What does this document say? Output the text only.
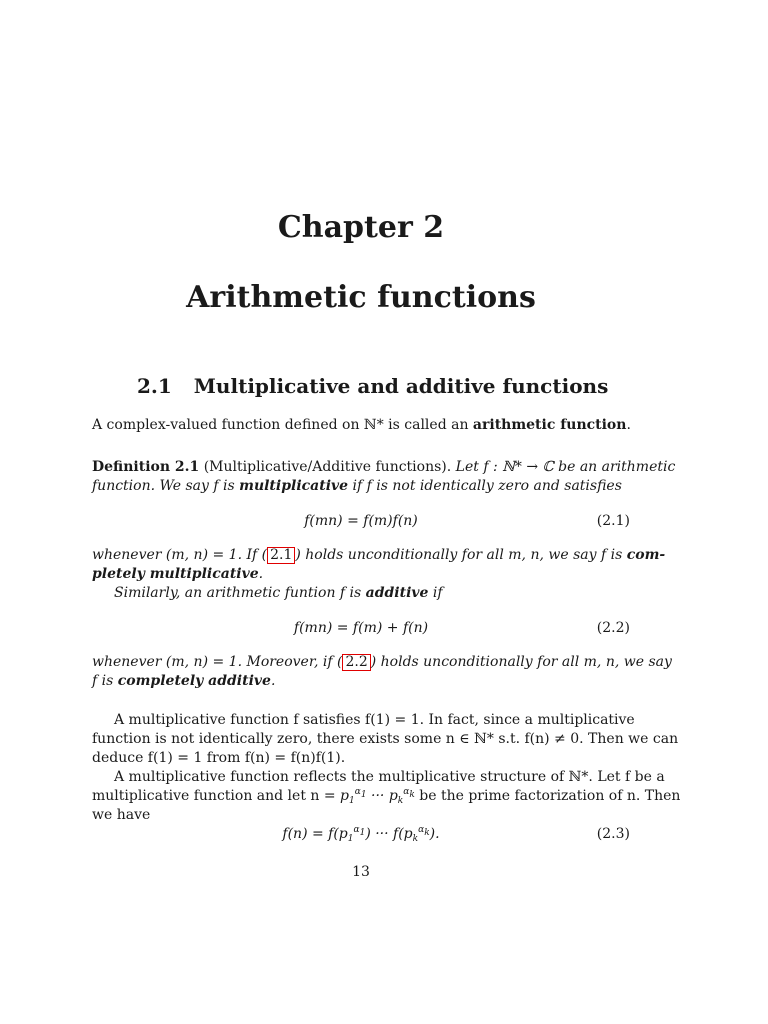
Chapter 2
Arithmetic functions
2.1 Multiplicative and additive functions
A complex-valued function defined on ℕ* is called an arithmetic function.
Definition 2.1 (Multiplicative/Additive functions). Let f : ℕ* → ℂ be an arithmetic
function. We say f is multiplicative if f is not identically zero and satisfies
f(mn) = f(m)f(n)	(2.1)
whenever (m, n) = 1. If ( 2.1 ) holds unconditionally for all m, n, we say f is com-
pletely multiplicative.
Similarly, an arithmetic funtion f is additive if
f(mn) = f(m) + f(n)	(2.2)
whenever (m, n) = 1. Moreover, if ( 2.2 ) holds unconditionally for all m, n, we say
f is completely additive.
A multiplicative function f satisfies f(1) = 1. In fact, since a multiplicative
function is not identically zero, there exists some n ∈ ℕ* s.t. f(n) ≠ 0. Then we can
deduce f(1) = 1 from f(n) = f(n)f(1).
A multiplicative function reflects the multiplicative structure of ℕ*. Let f be a
multiplicative function and let $n = p_1^{\alpha_1}$ ··· $p_k^{\alpha_k}$ be the prime factorization of n. Then
we have
$f(n) = f(p_1^{\alpha_1})$ ··· $f(p_k^{\alpha_k})$.	(2.3)
13
